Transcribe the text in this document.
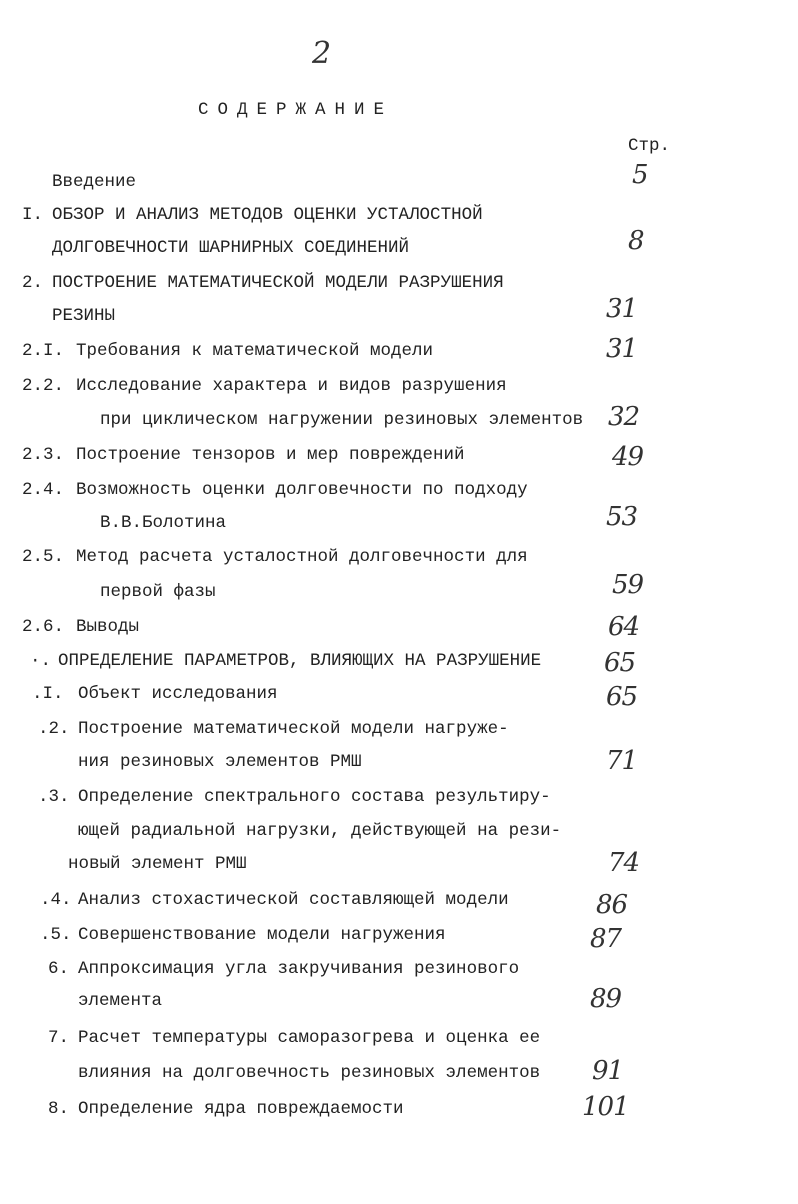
2
СОДЕРЖАНИЕ
Стр.
Введение	5
I. ОБЗОР И АНАЛИЗ МЕТОДОВ ОЦЕНКИ УСТАЛОСТНОЙ
ДОЛГОВЕЧНОСТИ ШАРНИРНЫХ СОЕДИНЕНИЙ	8
2. ПОСТРОЕНИЕ МАТЕМАТИЧЕСКОЙ МОДЕЛИ РАЗРУШЕНИЯ
РЕЗИНЫ	31
2.I. Требования к математической модели	31
2.2. Исследование характера и видов разрушения
при циклическом нагружении резиновых элементов 32
2.3. Построение тензоров и мер повреждений	49
2.4. Возможность оценки долговечности по подходу
В.В.Болотина	53
2.5. Метод расчета усталостной долговечности для
первой фазы	59
2.6. Выводы	64
·. ОПРЕДЕЛЕНИЕ ПАРАМЕТРОВ, ВЛИЯЮЩИХ НА РАЗРУШЕНИЕ 65
.I. Объект исследования	65
.2. Построение математической модели нагруже-
ния резиновых элементов РМШ	71
.3. Определение спектрального состава результиру-
ющей радиальной нагрузки, действующей на рези-
новый элемент РМШ	74
.4. Анализ стохастической составляющей модели	86
.5. Совершенствование модели нагружения	87
6. Аппроксимация угла закручивания резинового
элемента	89
7. Расчет температуры саморазогрева и оценка ее
влияния на долговечность резиновых элементов 91
8. Определение ядра повреждаемости	101
